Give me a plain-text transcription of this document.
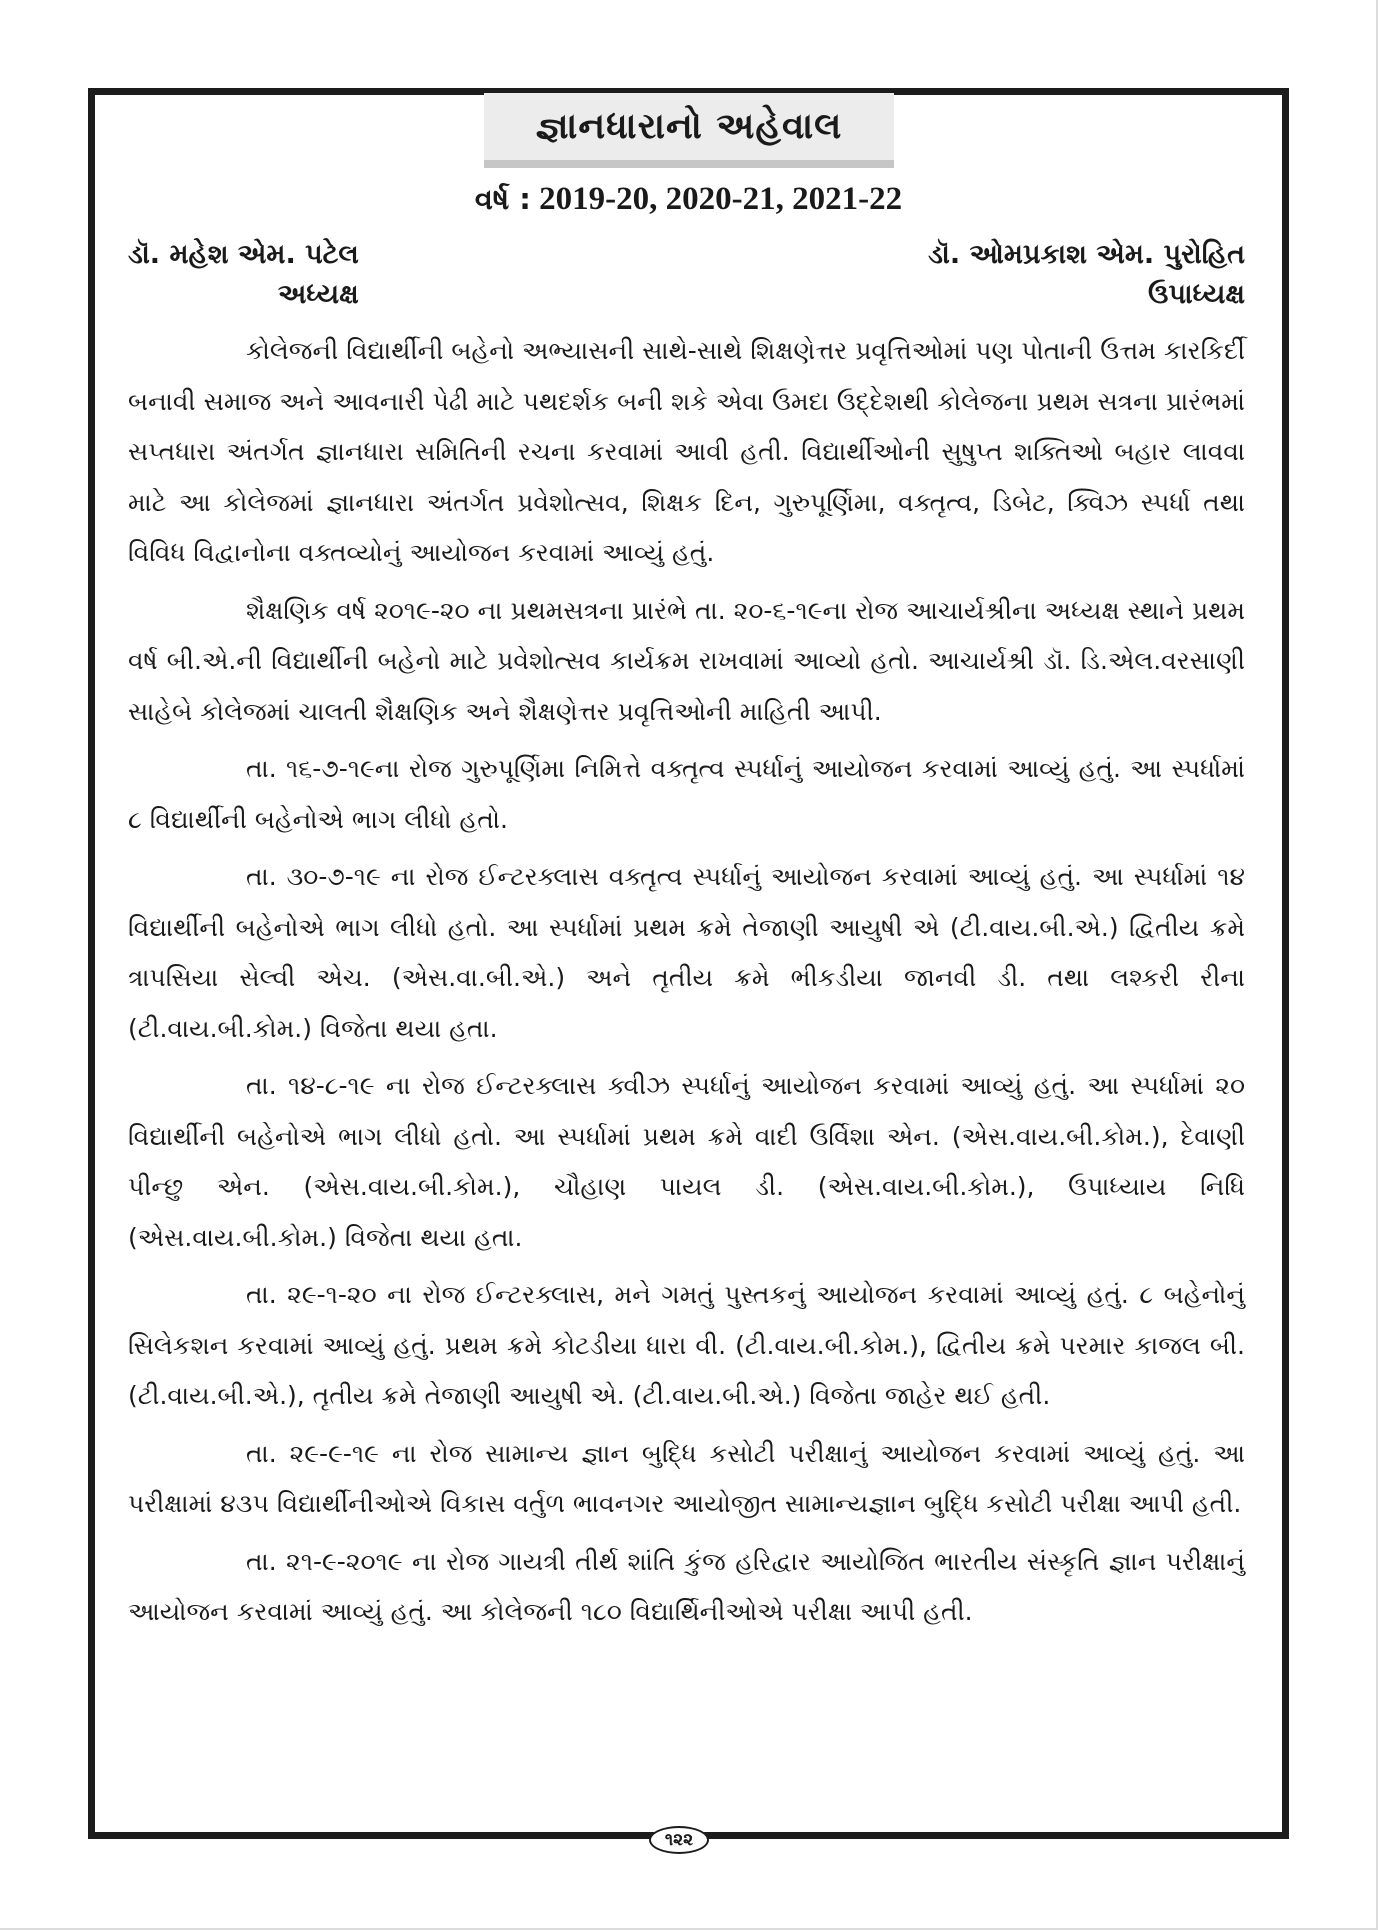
જ્ઞાનધારાનો અહેવાલ
વર્ષ : 2019-20, 2020-21, 2021-22
ડૉ. મહેશ એમ. પટેલ
અધ્યક્ષ
ડૉ. ઓમપ્રકાશ એમ. પુરોહિત
ઉપાધ્યક્ષ

કોલેજની વિદ્યાર્થીની બહેનો અભ્યાસની સાથે-સાથે શિક્ષણેત્તર પ્રવૃત્તિઓમાં પણ પોતાની ઉત્તમ કારકિર્દી બનાવી સમાજ અને આવનારી પેઢી માટે પથદર્શક બની શકે એવા ઉમદા ઉદ્દેશથી કોલેજના પ્રથમ સત્રના પ્રારંભમાં સપ્તધારા અંતર્ગત જ્ઞાનધારા સમિતિની રચના કરવામાં આવી હતી. વિદ્યાર્થીઓની સુષુપ્ત શક્તિઓ બહાર લાવવા માટે આ કોલેજમાં જ્ઞાનધારા અંતર્ગત પ્રવેશોત્સવ, શિક્ષક દિન, ગુરુપૂર્ણિમા, વક્તૃત્વ, ડિબેટ, ક્વિઝ સ્પર્ધા તથા વિવિધ વિદ્વાનોના વક્તવ્યોનું આયોજન કરવામાં આવ્યું હતું.

શૈક્ષણિક વર્ષ ૨૦૧૯-૨૦ ના પ્રથમસત્રના પ્રારંભે તા. ૨૦-૬-૧૯ના રોજ આચાર્યશ્રીના અધ્યક્ષ સ્થાને પ્રથમ વર્ષ બી.એ.ની વિદ્યાર્થીની બહેનો માટે પ્રવેશોત્સવ કાર્યક્રમ રાખવામાં આવ્યો હતો. આચાર્યશ્રી ડૉ. ડિ.એલ.વરસાણી સાહેબે કોલેજમાં ચાલતી શૈક્ષણિક અને શૈક્ષણેત્તર પ્રવૃત્તિઓની માહિતી આપી.

તા. ૧૬-૭-૧૯ના રોજ ગુરુપૂર્ણિમા નિમિત્તે વક્તૃત્વ સ્પર્ધાનું આયોજન કરવામાં આવ્યું હતું. આ સ્પર્ધામાં ૮ વિદ્યાર્થીની બહેનોએ ભાગ લીધો હતો.

તા. ૩૦-૭-૧૯ ના રોજ ઈન્ટરક્લાસ વક્તૃત્વ સ્પર્ધાનું આયોજન કરવામાં આવ્યું હતું. આ સ્પર્ધામાં ૧૪ વિદ્યાર્થીની બહેનોએ ભાગ લીધો હતો. આ સ્પર્ધામાં પ્રથમ ક્રમે તેજાણી આયુષી એ (ટી.વાય.બી.એ.) દ્વિતીય ક્રમે ત્રાપસિયા સેલ્વી એચ. (એસ.વા.બી.એ.) અને તૃતીય ક્રમે ભીકડીયા જાનવી ડી. તથા લશ્કરી રીના (ટી.વાય.બી.કોમ.) વિજેતા થયા હતા.

તા. ૧૪-૮-૧૯ ના રોજ ઈન્ટરક્લાસ ક્વીઝ સ્પર્ધાનું આયોજન કરવામાં આવ્યું હતું. આ સ્પર્ધામાં ૨૦ વિદ્યાર્થીની બહેનોએ ભાગ લીધો હતો. આ સ્પર્ધામાં પ્રથમ ક્રમે વાદી ઉર્વિશા એન. (એસ.વાય.બી.કોમ.), દેવાણી પીન્છુ એન. (એસ.વાય.બી.કોમ.), ચૌહાણ પાયલ ડી. (એસ.વાય.બી.કોમ.), ઉપાધ્યાય નિધિ (એસ.વાય.બી.કોમ.) વિજેતા થયા હતા.

તા. ૨૯-૧-૨૦ ના રોજ ઈન્ટરક્લાસ, મને ગમતું પુસ્તકનું આયોજન કરવામાં આવ્યું હતું. ૮ બહેનોનું સિલેકશન કરવામાં આવ્યું હતું. પ્રથમ ક્રમે કોટડીયા ધારા વી. (ટી.વાય.બી.કોમ.), દ્વિતીય ક્રમે પરમાર કાજલ બી. (ટી.વાય.બી.એ.), તૃતીય ક્રમે તેજાણી આયુષી એ. (ટી.વાય.બી.એ.) વિજેતા જાહેર થઈ હતી.

તા. ૨૯-૯-૧૯ ના રોજ સામાન્ય જ્ઞાન બુદ્ધિ કસોટી પરીક્ષાનું આયોજન કરવામાં આવ્યું હતું. આ પરીક્ષામાં ૪૩૫ વિદ્યાર્થીનીઓએ વિકાસ વર્તુળ ભાવનગર આયોજીત સામાન્યજ્ઞાન બુદ્ધિ કસોટી પરીક્ષા આપી હતી.

તા. ૨૧-૯-૨૦૧૯ ના રોજ ગાયત્રી તીર્થ શાંતિ કુંજ હરિદ્વાર આયોજિત ભારતીય સંસ્કૃતિ જ્ઞાન પરીક્ષાનું આયોજન કરવામાં આવ્યું હતું. આ કોલેજની ૧૮૦ વિદ્યાર્થિનીઓએ પરીક્ષા આપી હતી.

૧૨૨
